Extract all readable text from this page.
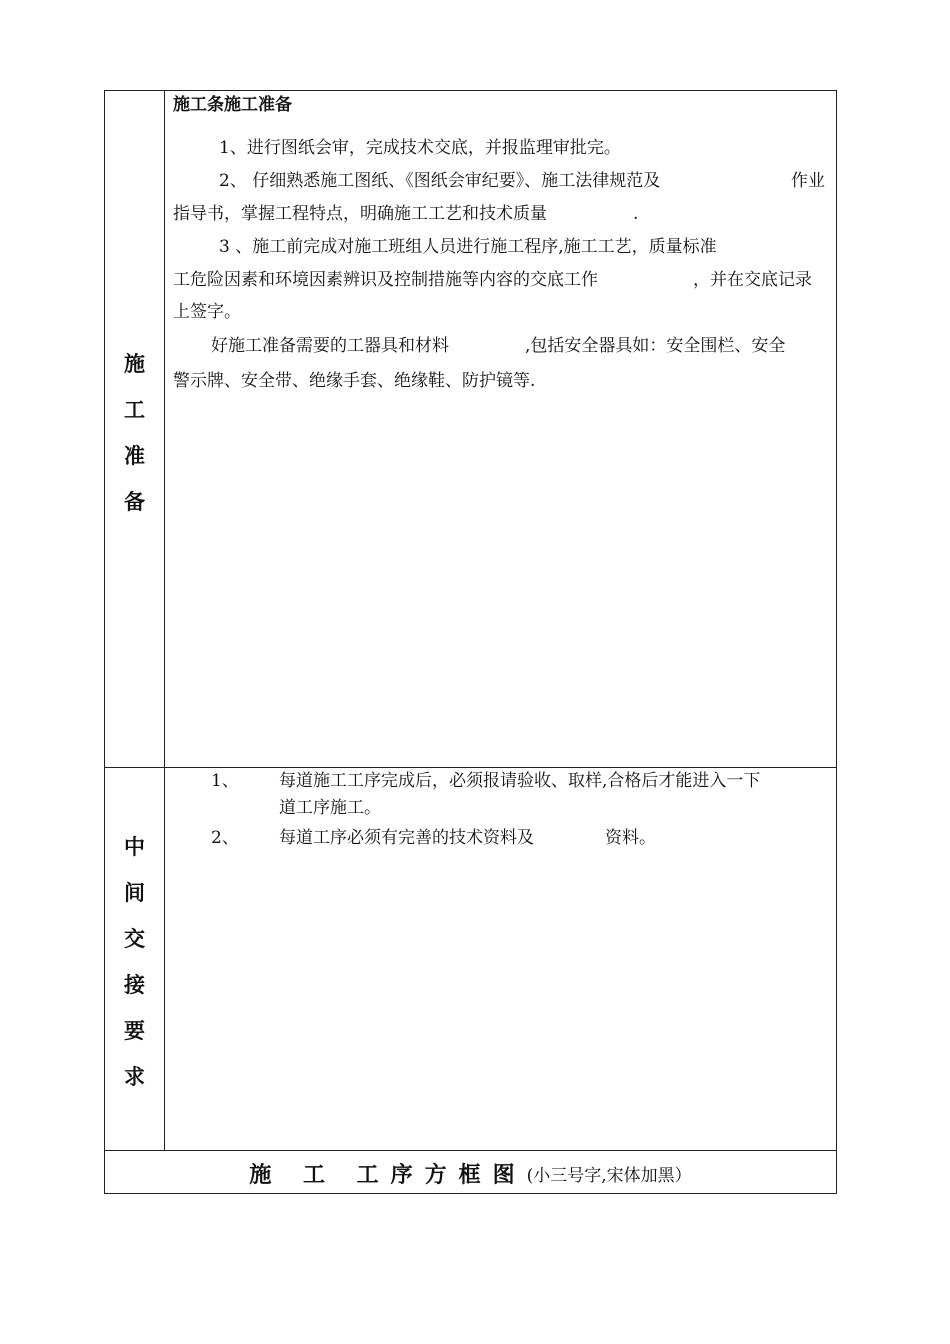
施
工
准
备
施工条施工准备
1、进行图纸会审，完成技术交底，并报监理审批完。
2、 仔细熟悉施工图纸、《图纸会审纪要》、施工法律规范及	作业
指导书，掌握工程特点，明确施工工艺和技术质量	.
3 、施工前完成对施工班组人员进行施工程序,施工工艺，质量标准
工危险因素和环境因素辨识及控制措施等内容的交底工作	，并在交底记录
上签字。
好施工准备需要的工器具和材料	,包括安全器具如：安全围栏、安全
警示牌、安全带、绝缘手套、绝缘鞋、防护镜等.
中
间
交
接
要
求
1、 每道施工工序完成后，必须报请验收、取样,合格后才能进入一下
道工序施工。
2、 每道工序必须有完善的技术资料及	资料。
施 工 工序方框图 (小三号字,宋体加黑）
